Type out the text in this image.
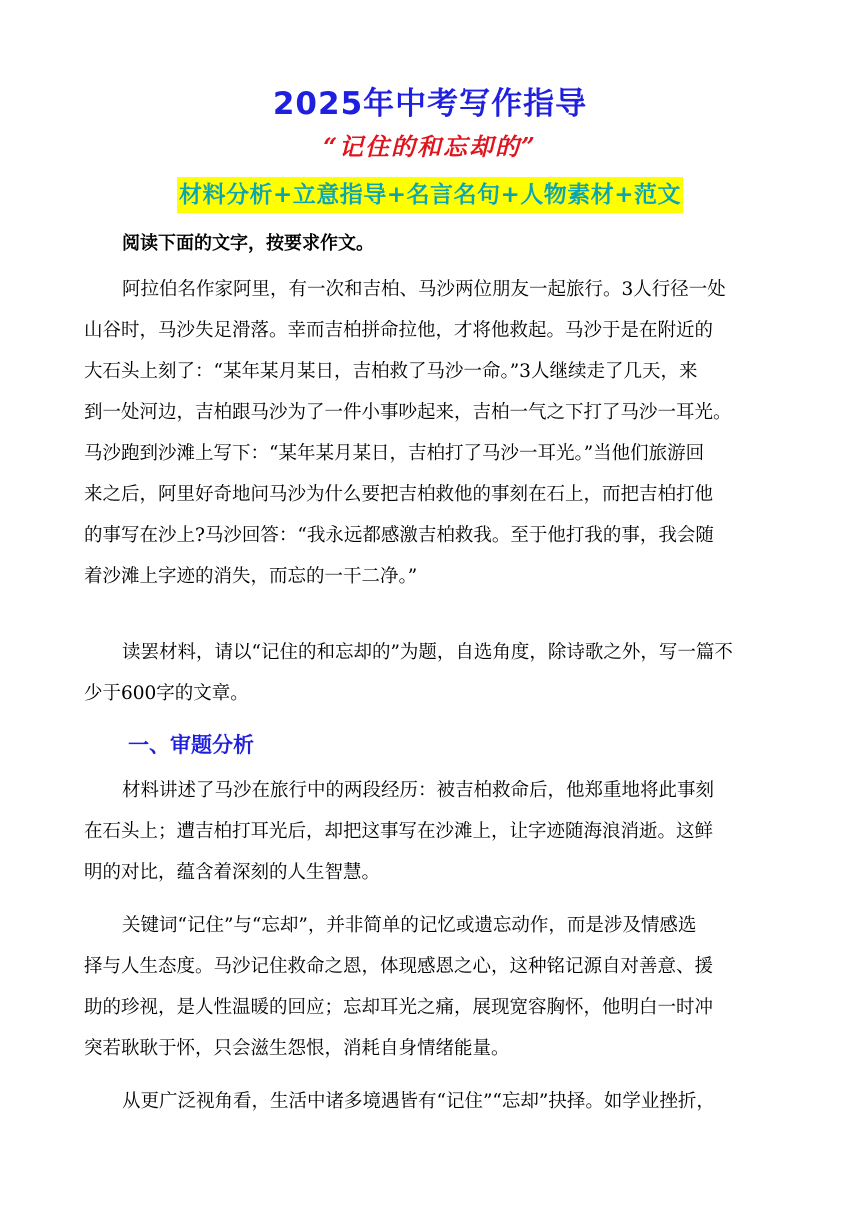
2025年中考写作指导
“记住的和忘却的”
材料分析+立意指导+名言名句+人物素材+范文
阅读下面的文字，按要求作文。
阿拉伯名作家阿里，有一次和吉柏、马沙两位朋友一起旅行。3人行径一处
山谷时，马沙失足滑落。幸而吉柏拼命拉他，才将他救起。马沙于是在附近的
大石头上刻了：“某年某月某日，吉柏救了马沙一命。”3人继续走了几天，来
到一处河边，吉柏跟马沙为了一件小事吵起来，吉柏一气之下打了马沙一耳光。
马沙跑到沙滩上写下：“某年某月某日，吉柏打了马沙一耳光。”当他们旅游回
来之后，阿里好奇地问马沙为什么要把吉柏救他的事刻在石上，而把吉柏打他
的事写在沙上?马沙回答：“我永远都感激吉柏救我。至于他打我的事，我会随
着沙滩上字迹的消失，而忘的一干二净。”
读罢材料，请以“记住的和忘却的”为题，自选角度，除诗歌之外，写一篇不
少于600字的文章。
一、审题分析
材料讲述了马沙在旅行中的两段经历：被吉柏救命后，他郑重地将此事刻
在石头上；遭吉柏打耳光后，却把这事写在沙滩上，让字迹随海浪消逝。这鲜
明的对比，蕴含着深刻的人生智慧。
关键词“记住”与“忘却”，并非简单的记忆或遗忘动作，而是涉及情感选
择与人生态度。马沙记住救命之恩，体现感恩之心，这种铭记源自对善意、援
助的珍视，是人性温暖的回应；忘却耳光之痛，展现宽容胸怀，他明白一时冲
突若耿耿于怀，只会滋生怨恨，消耗自身情绪能量。
从更广泛视角看，生活中诸多境遇皆有“记住”“忘却”抉择。如学业挫折，
